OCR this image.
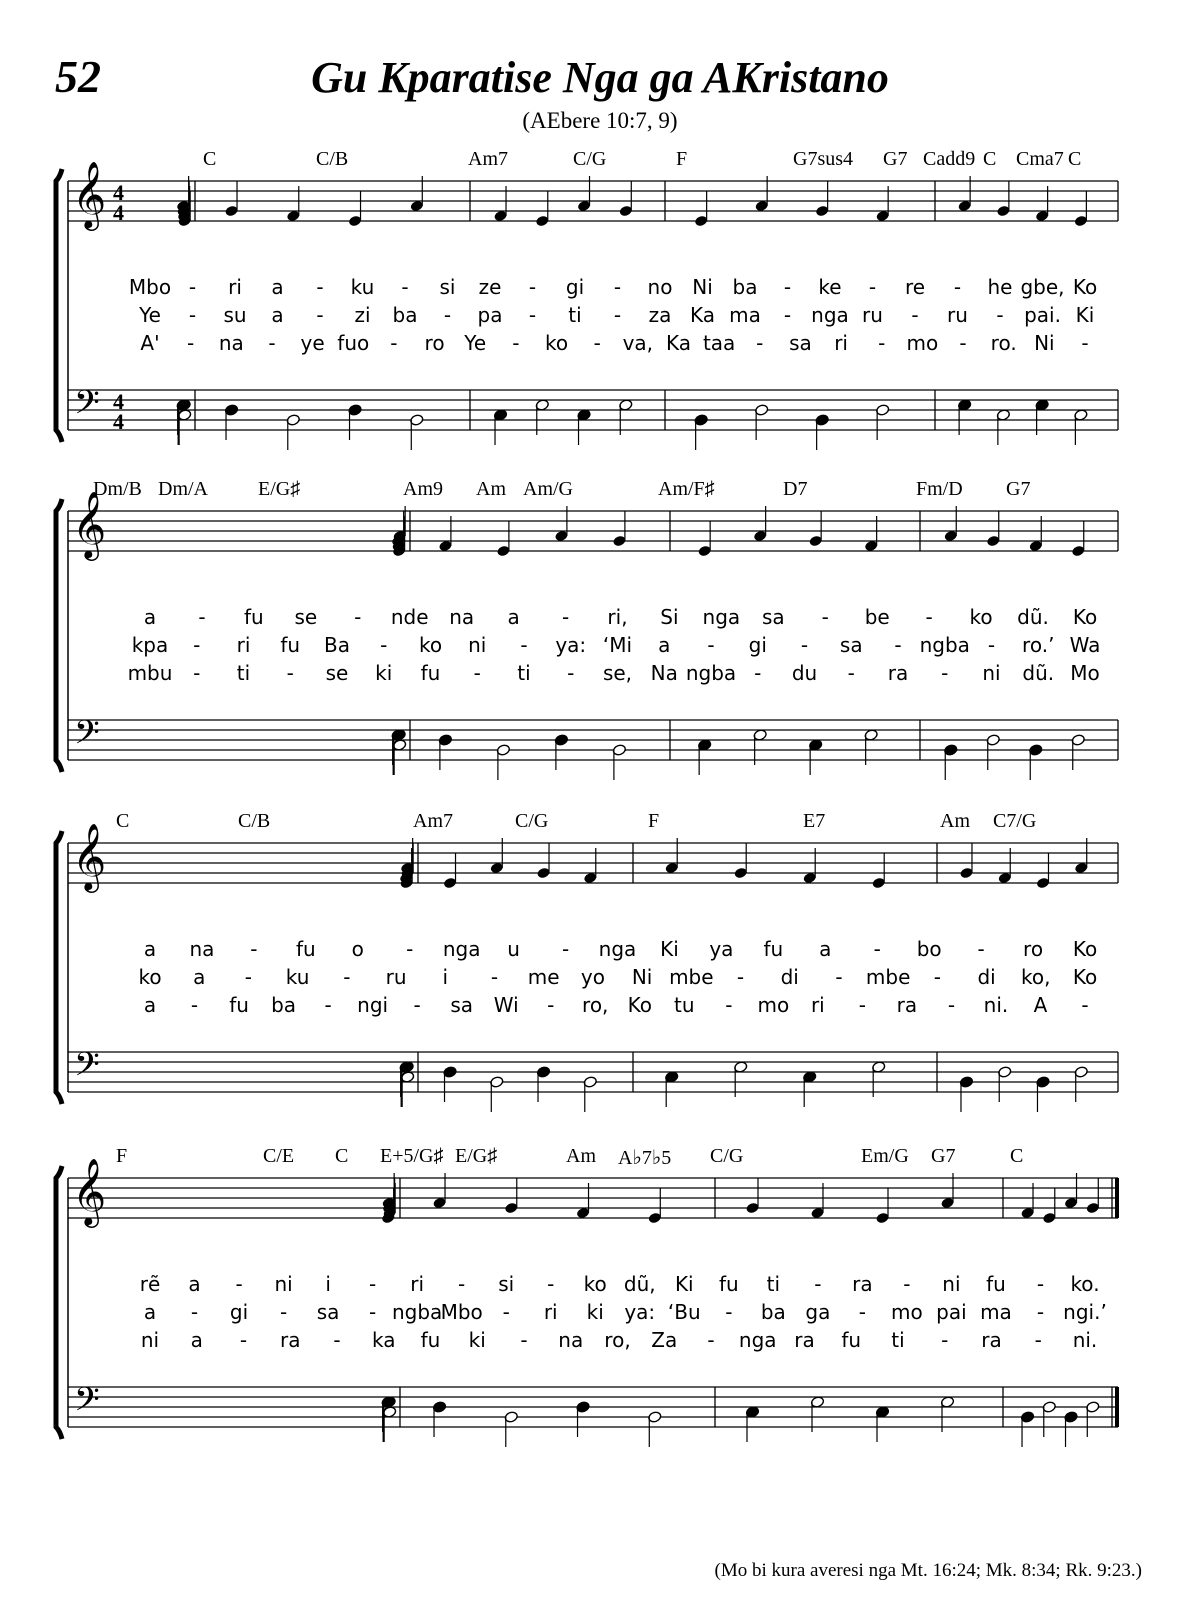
52	Gu Kparatise Nga ga AKristano
(AEbere 10:7, 9)
C	C/B	Am7	C/G	F	G7sus4 G7 Cadd9 C Cma7 C
𝄞
𝄢
4
4
4
4
Mbo - ri a - ku - si ze - gi - no Ni ba - ke - re - he gbe, Ko
Ye - su a - zi ba - pa - ti - za Ka ma - nga ru - ru - pai. Ki
A' - na - ye fuo - ro Ye - ko - va, Ka taa - sa ri - mo - ro. Ni -
Dm/B Dm/A	E/G♯	Am9 Am Am/G	Am/F♯	D7	Fm/D G7
𝄞
𝄢
a - fu se - nde na a - ri, Si nga sa - be - ko dũ. Ko
kpa - ri fu Ba - ko ni - ya: ‘Mi a - gi - sa - ngba - ro.’ Wa
mbu - ti - se ki fu - ti - se, Na ngba - du - ra - ni dũ. Mo
C	C/B	Am7	C/G	F	E7	Am C7/G
𝄞
𝄢
a na - fu o - nga u - nga Ki ya fu a - bo - ro Ko
ko a - ku - ru i - me yo Ni mbe - di - mbe - di ko, Ko
a - fu ba - ngi - sa Wi - ro, Ko tu - mo ri - ra - ni. A -
F	C/E C E+5/G♯ E/G♯	Am A♭7♭5 C/G	Em/G G7	C
𝄞
𝄢
rẽ a - ni i - ri - si - ko dũ, Ki fu ti - ra - ni fu - ko.
a - gi - sa - ngba
Mbo - ri ki ya: ‘Bu - ba ga - mo pai ma - ngi.’
ni a - ra - ka fu ki - na ro, Za - nga ra fu ti - ra - ni.
(Mo bi kura averesi nga Mt. 16:24; Mk. 8:34; Rk. 9:23.)
